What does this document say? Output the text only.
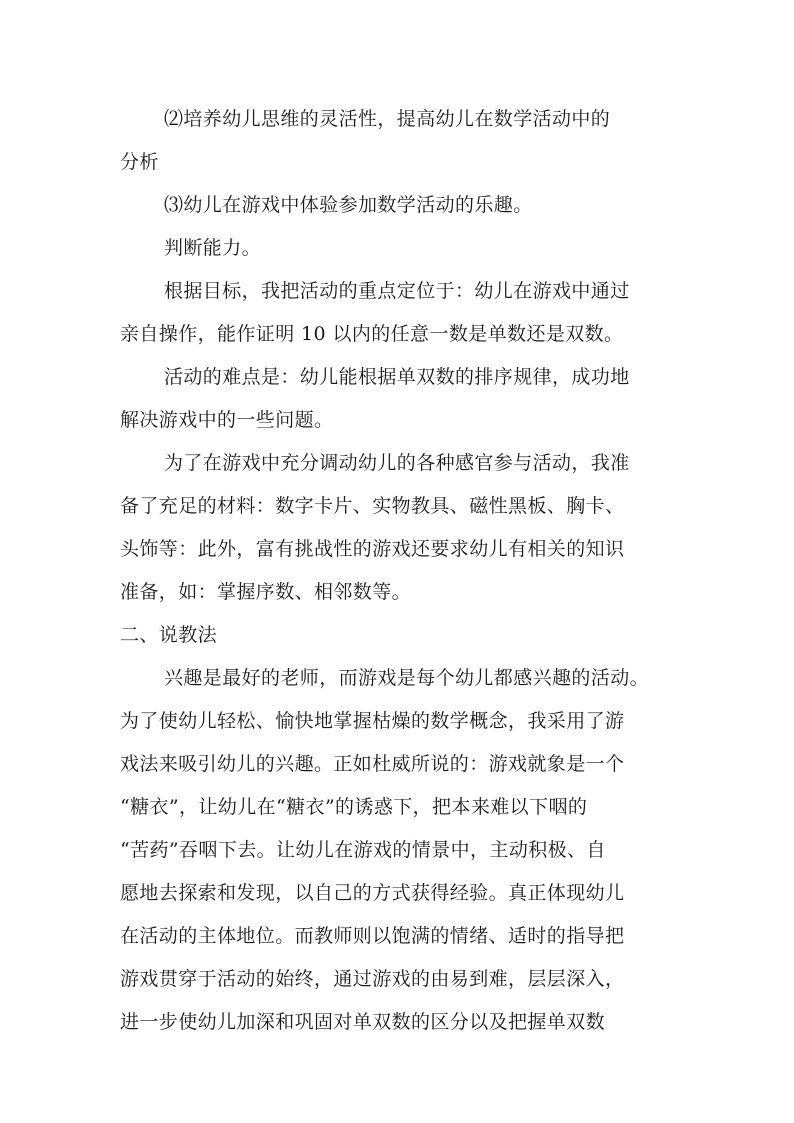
⑵培养幼儿思维的灵活性，提高幼儿在数学活动中的
分析
⑶幼儿在游戏中体验参加数学活动的乐趣。
判断能力。
根据目标，我把活动的重点定位于：幼儿在游戏中通过
亲自操作，能作证明 10 以内的任意一数是单数还是双数。
活动的难点是：幼儿能根据单双数的排序规律，成功地
解决游戏中的一些问题。
为了在游戏中充分调动幼儿的各种感官参与活动，我准
备了充足的材料：数字卡片、实物教具、磁性黑板、胸卡、
头饰等：此外，富有挑战性的游戏还要求幼儿有相关的知识
准备，如：掌握序数、相邻数等。
二、说教法
兴趣是最好的老师，而游戏是每个幼儿都感兴趣的活动。
为了使幼儿轻松、愉快地掌握枯燥的数学概念，我采用了游
戏法来吸引幼儿的兴趣。正如杜威所说的：游戏就象是一个
“糖衣”，让幼儿在“糖衣”的诱惑下，把本来难以下咽的
“苦药”吞咽下去。让幼儿在游戏的情景中，主动积极、自
愿地去探索和发现，以自己的方式获得经验。真正体现幼儿
在活动的主体地位。而教师则以饱满的情绪、适时的指导把
游戏贯穿于活动的始终，通过游戏的由易到难，层层深入，
进一步使幼儿加深和巩固对单双数的区分以及把握单双数
